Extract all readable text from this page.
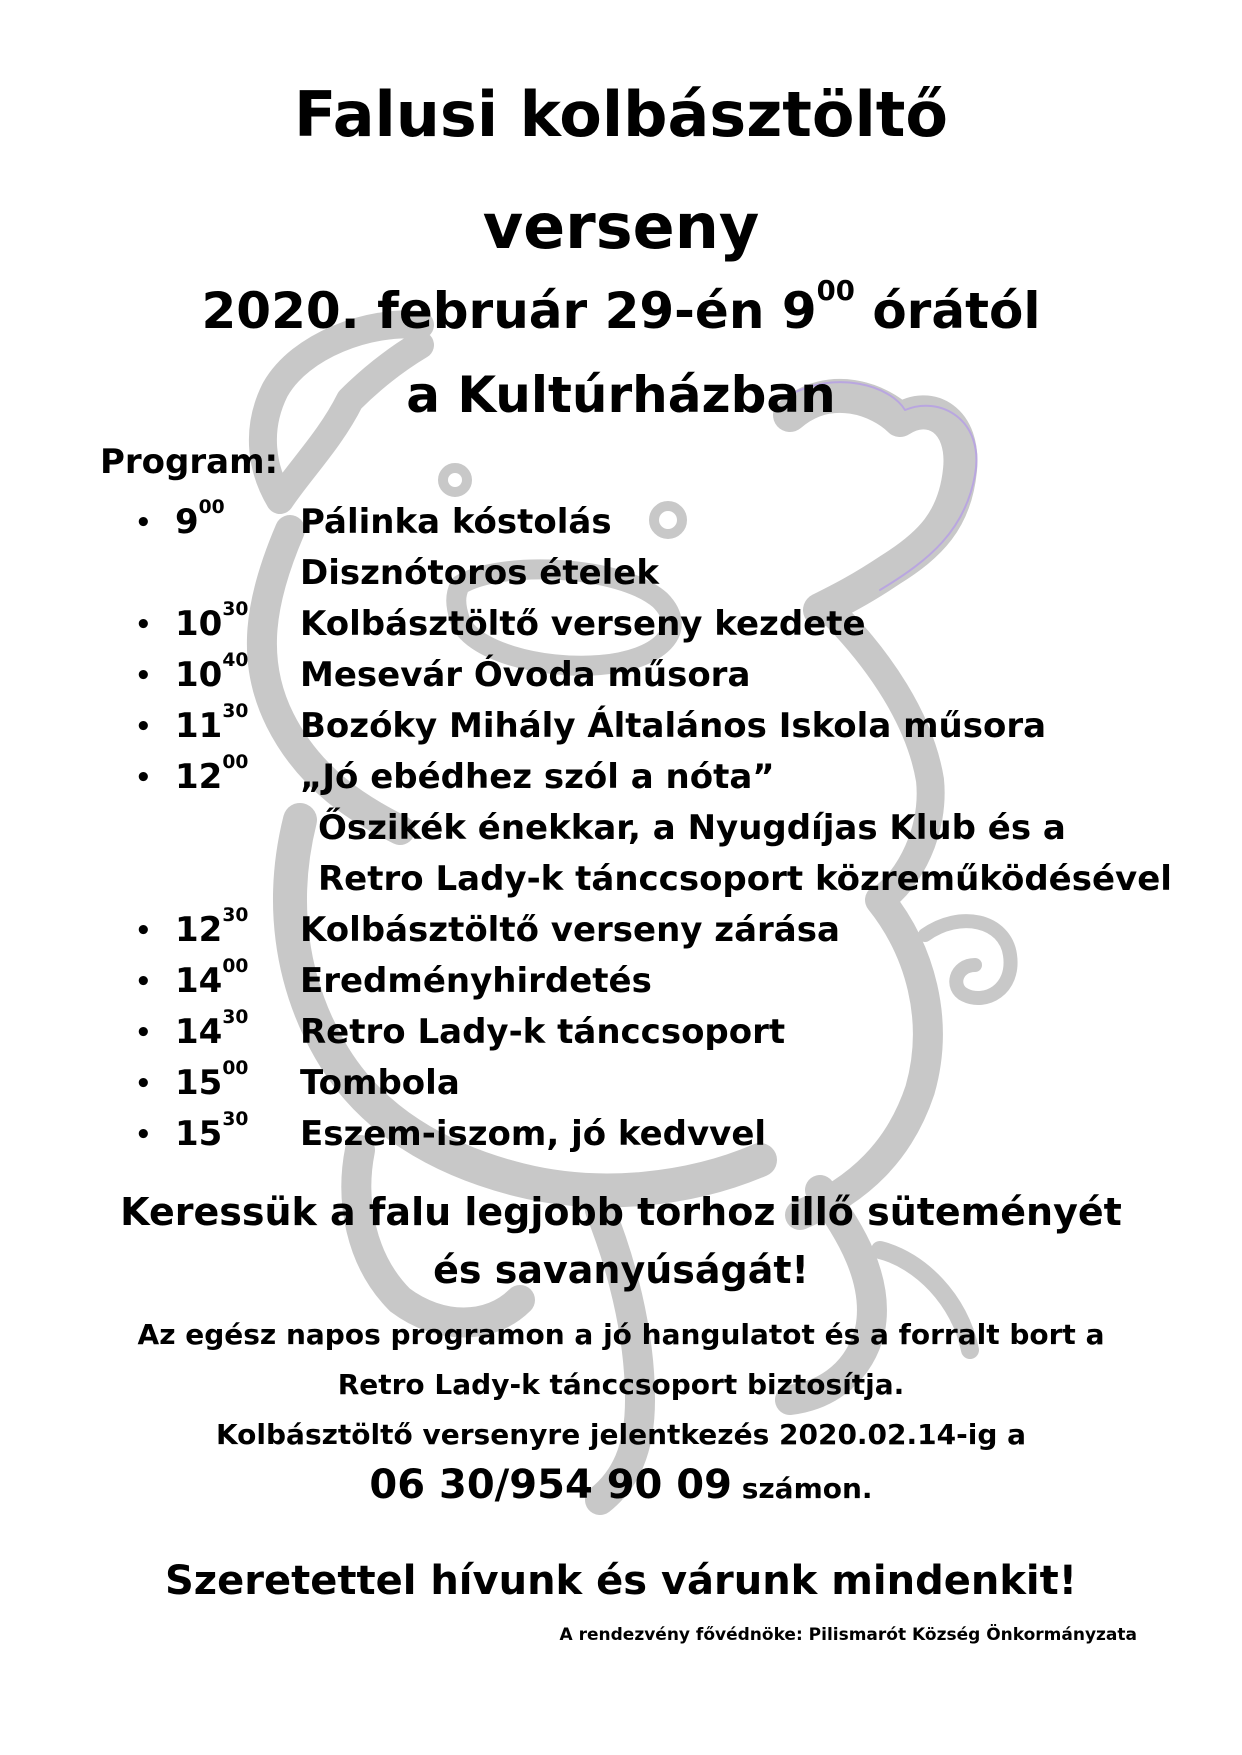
Falusi kolbásztöltő
verseny
2020. február 29-én $9^{00}$ órától
a Kultúrházban
Program:
• $9^{00}$ Pálinka kóstolás
Disznótoros ételek
• $10^{30}$ Kolbásztöltő verseny kezdete
• $10^{40}$ Mesevár Óvoda műsora
• $11^{30}$ Bozóky Mihály Általános Iskola műsora
• $12^{00}$ „Jó ebédhez szól a nóta”
Őszikék énekkar, a Nyugdíjas Klub és a
Retro Lady-k tánccsoport közreműködésével
• $12^{30}$ Kolbásztöltő verseny zárása
• $14^{00}$ Eredményhirdetés
• $14^{30}$ Retro Lady-k tánccsoport
• $15^{00}$ Tombola
• $15^{30}$ Eszem-iszom, jó kedvvel
Keressük a falu legjobb torhoz illő süteményét
és savanyúságát!
Az egész napos programon a jó hangulatot és a forralt bort a
Retro Lady-k tánccsoport biztosítja.
Kolbásztöltő versenyre jelentkezés 2020.02.14-ig a
06 30/954 90 09 számon.
Szeretettel hívunk és várunk mindenkit!
A rendezvény fővédnöke: Pilismarót Község Önkormányzata
